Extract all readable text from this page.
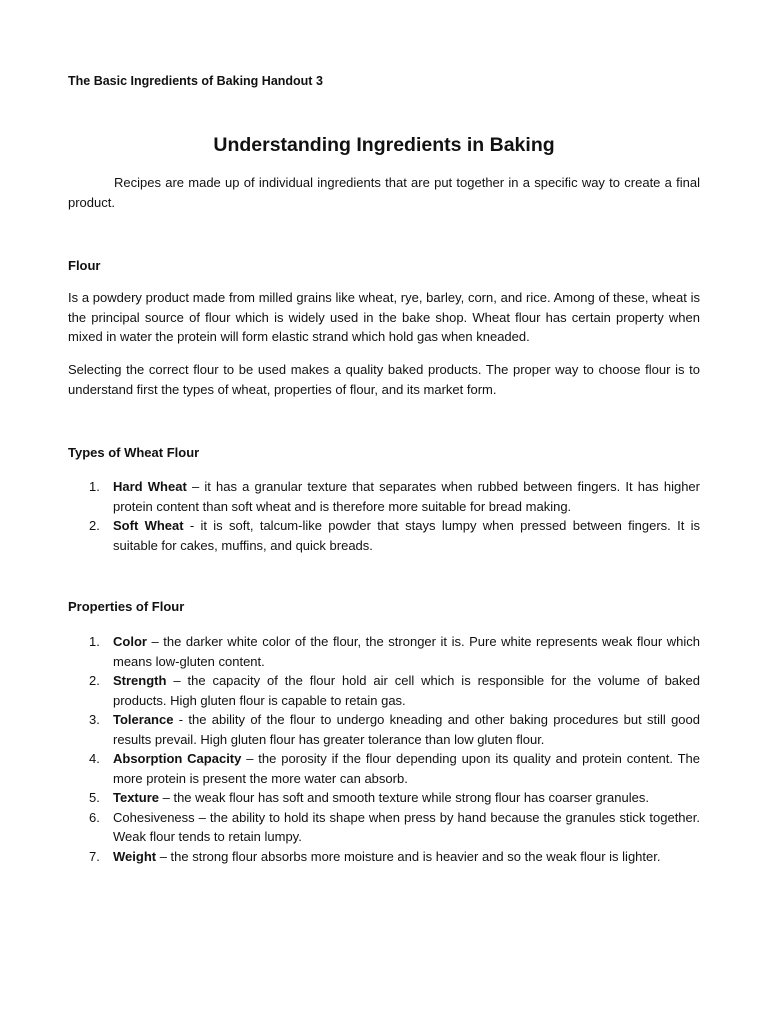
The Basic Ingredients of Baking Handout 3
Understanding Ingredients in Baking

Recipes are made up of individual ingredients that are put together in a specific way to create a final product.

Flour

Is a powdery product made from milled grains like wheat, rye, barley, corn, and rice. Among of these, wheat is the principal source of flour which is widely used in the bake shop. Wheat flour has certain property when mixed in water the protein will form elastic strand which hold gas when kneaded.

Selecting the correct flour to be used makes a quality baked products. The proper way to choose flour is to understand first the types of wheat, properties of flour, and its market form.

Types of Wheat Flour
1. Hard Wheat – it has a granular texture that separates when rubbed between fingers. It has higher protein content than soft wheat and is therefore more suitable for bread making.
2. Soft Wheat - it is soft, talcum-like powder that stays lumpy when pressed between fingers. It is suitable for cakes, muffins, and quick breads.
Properties of Flour
1. Color – the darker white color of the flour, the stronger it is. Pure white represents weak flour which means low-gluten content.
2. Strength – the capacity of the flour hold air cell which is responsible for the volume of baked products. High gluten flour is capable to retain gas.
3. Tolerance - the ability of the flour to undergo kneading and other baking procedures but still good results prevail. High gluten flour has greater tolerance than low gluten flour.
4. Absorption Capacity – the porosity if the flour depending upon its quality and protein content. The more protein is present the more water can absorb.
5. Texture – the weak flour has soft and smooth texture while strong flour has coarser granules.
6. Cohesiveness – the ability to hold its shape when press by hand because the granules stick together. Weak flour tends to retain lumpy.
7. Weight – the strong flour absorbs more moisture and is heavier and so the weak flour is lighter.
